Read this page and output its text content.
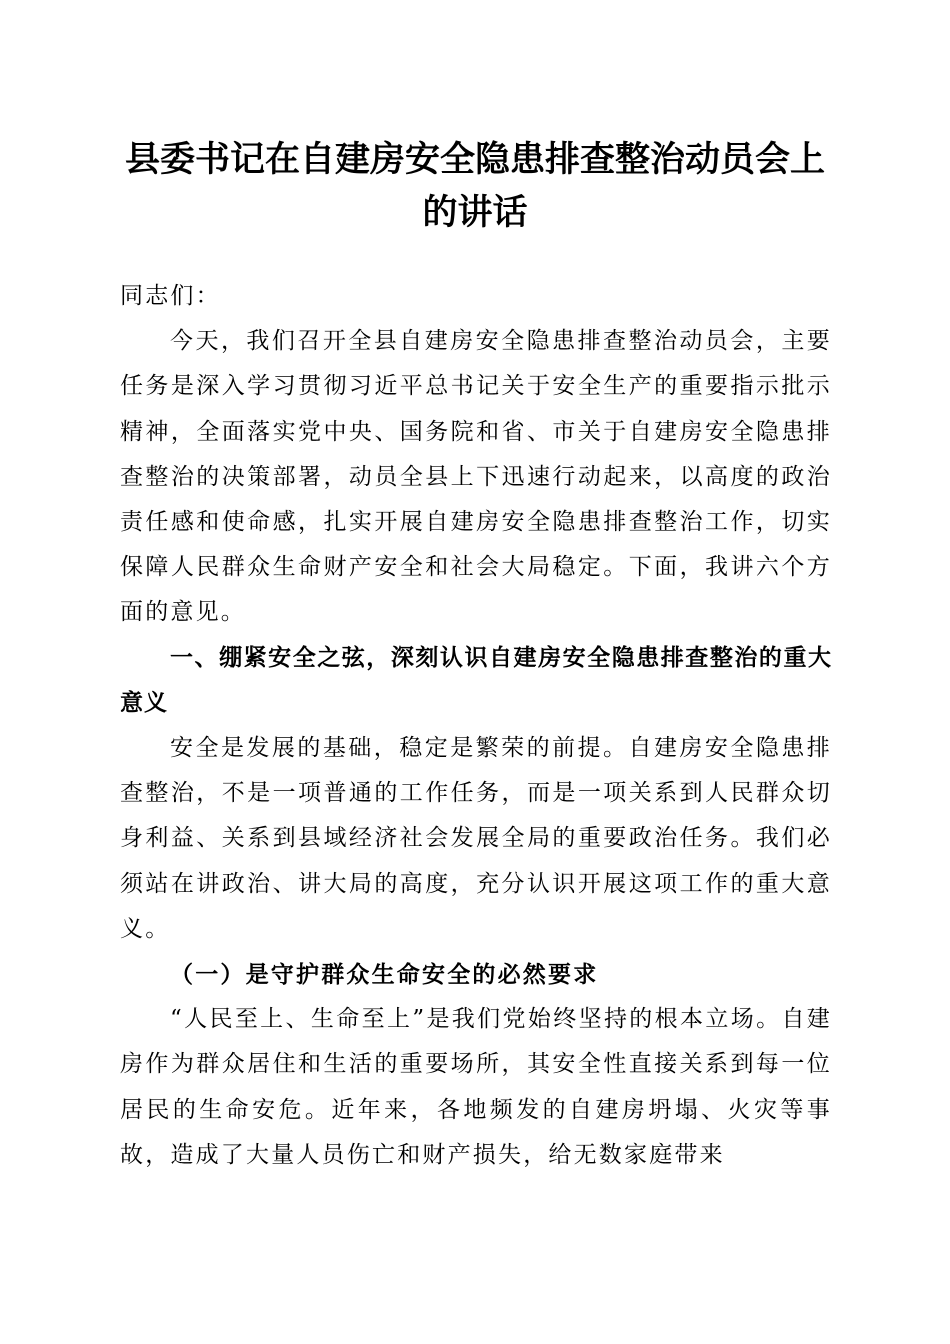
县委书记在自建房安全隐患排查整治动员会上
的讲话

同志们：

今天，我们召开全县自建房安全隐患排查整治动员会，主要任务是深入学习贯彻习近平总书记关于安全生产的重要指示批示精神，全面落实党中央、国务院和省、市关于自建房安全隐患排查整治的决策部署，动员全县上下迅速行动起来，以高度的政治责任感和使命感，扎实开展自建房安全隐患排查整治工作，切实保障人民群众生命财产安全和社会大局稳定。下面，我讲六个方面的意见。

一、绷紧安全之弦，深刻认识自建房安全隐患排查整治的重大意义

安全是发展的基础，稳定是繁荣的前提。自建房安全隐患排查整治，不是一项普通的工作任务，而是一项关系到人民群众切身利益、关系到县域经济社会发展全局的重要政治任务。我们必须站在讲政治、讲大局的高度，充分认识开展这项工作的重大意义。

（一）是守护群众生命安全的必然要求

“人民至上、生命至上”是我们党始终坚持的根本立场。自建房作为群众居住和生活的重要场所，其安全性直接关系到每一位居民的生命安危。近年来，各地频发的自建房坍塌、火灾等事故，造成了大量人员伤亡和财产损失，给无数家庭带来
